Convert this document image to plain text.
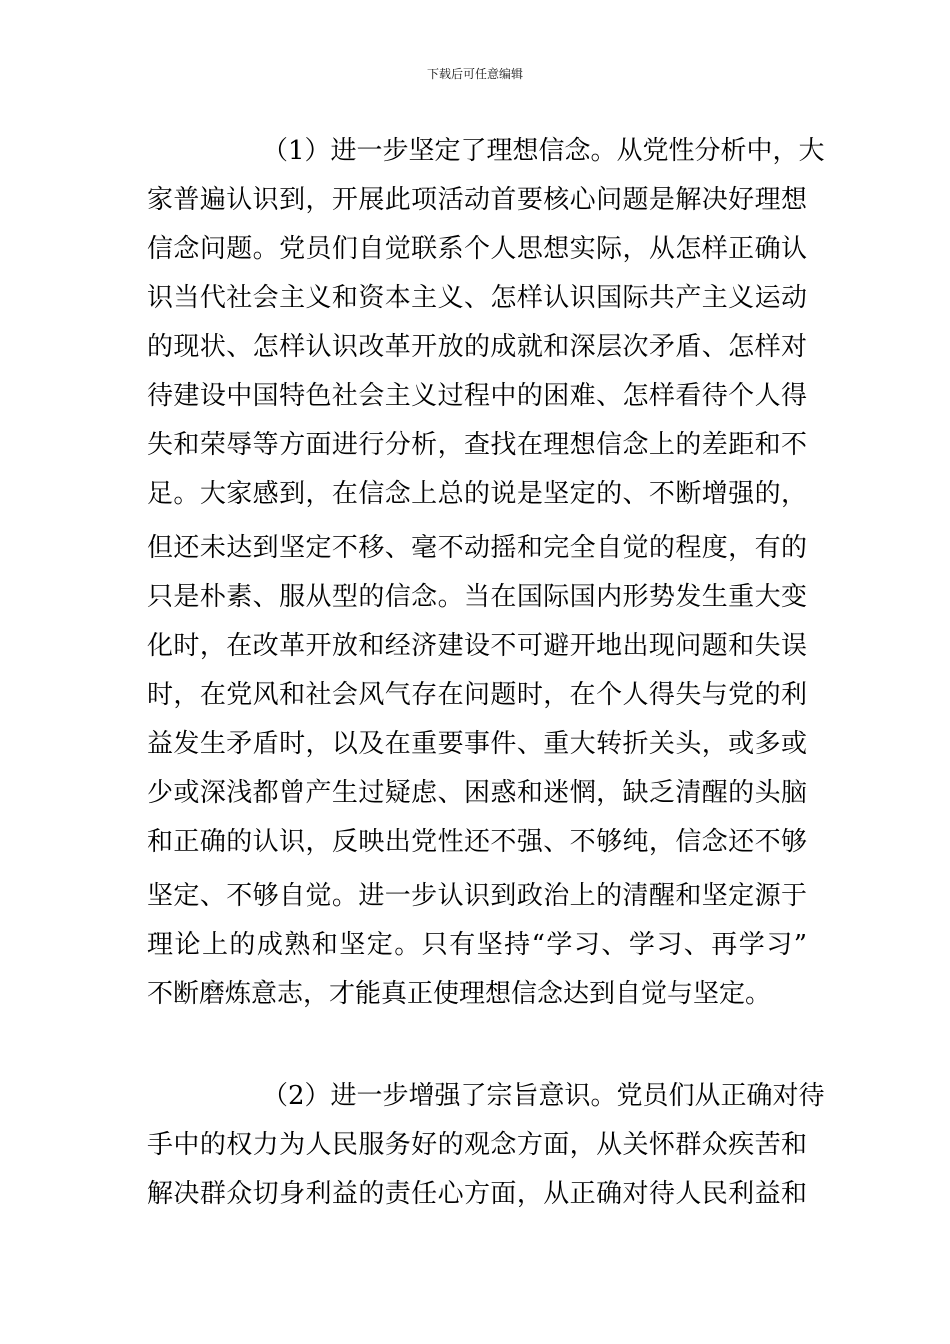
下载后可任意编辑
（1）进一步坚定了理想信念。从党性分析中，大
家普遍认识到，开展此项活动首要核心问题是解决好理想
信念问题。党员们自觉联系个人思想实际，从怎样正确认
识当代社会主义和资本主义、怎样认识国际共产主义运动
的现状、怎样认识改革开放的成就和深层次矛盾、怎样对
待建设中国特色社会主义过程中的困难、怎样看待个人得
失和荣辱等方面进行分析，查找在理想信念上的差距和不
足。大家感到，在信念上总的说是坚定的、不断增强的，
但还未达到坚定不移、毫不动摇和完全自觉的程度，有的
只是朴素、服从型的信念。当在国际国内形势发生重大变
化时，在改革开放和经济建设不可避开地出现问题和失误
时，在党风和社会风气存在问题时，在个人得失与党的利
益发生矛盾时，以及在重要事件、重大转折关头，或多或
少或深浅都曾产生过疑虑、困惑和迷惘，缺乏清醒的头脑
和正确的认识，反映出党性还不强、不够纯，信念还不够
坚定、不够自觉。进一步认识到政治上的清醒和坚定源于
理论上的成熟和坚定。只有坚持“学习、学习、再学习”
不断磨炼意志，才能真正使理想信念达到自觉与坚定。
（2）进一步增强了宗旨意识。党员们从正确对待
手中的权力为人民服务好的观念方面，从关怀群众疾苦和
解决群众切身利益的责任心方面，从正确对待人民利益和
